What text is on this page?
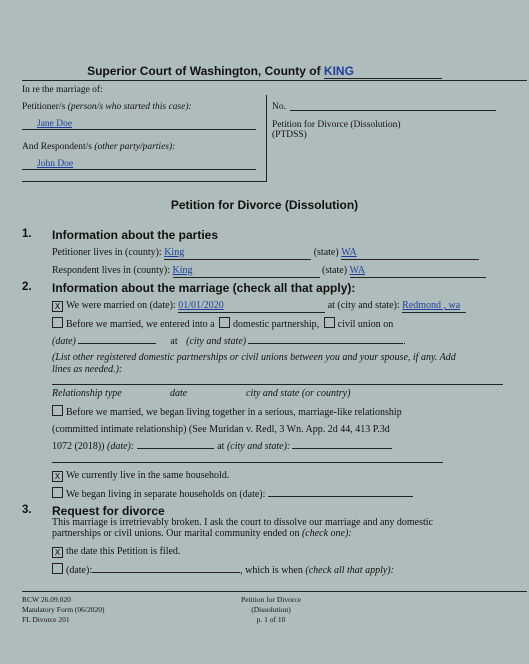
Superior Court of Washington, County of KING
In re the marriage of:
Petitioner/s (person/s who started this case):
Jane Doe
And Respondent/s (other party/parties):
John Doe
No.
Petition for Divorce (Dissolution)
(PTDSS)
Petition for Divorce (Dissolution)
1. Information about the parties
Petitioner lives in (county): King	(state) WA
Respondent lives in (county): King	(state) WA
2. Information about the marriage (check all that apply):
X We were married on (date): 01/01/2020	at (city and state): Redmond , wa
Before we married, we entered into a domestic partnership, civil union on
(date)	at (city and state)	.
(List other registered domestic partnerships or civil unions between you and your spouse, if any. Add lines as needed.):
Relationship type	date	city and state (or country)
Before we married, we began living together in a serious, marriage-like relationship
(committed intimate relationship) (See Muridan v. Redl, 3 Wn. App. 2d 44, 413 P.3d
1072 (2018)) (date):	at (city and state):
X We currently live in the same household.
We began living in separate households on (date):
3. Request for divorce
This marriage is irretrievably broken. I ask the court to dissolve our marriage and any domestic partnerships or civil unions. Our marital community ended on (check one):
X the date this Petition is filed.
(date):	, which is when (check all that apply):
RCW 26.09.020
Mandatory Form (06/2020)
FL Divorce 201
Petition for Divorce
(Dissolution)
p. 1 of 10
